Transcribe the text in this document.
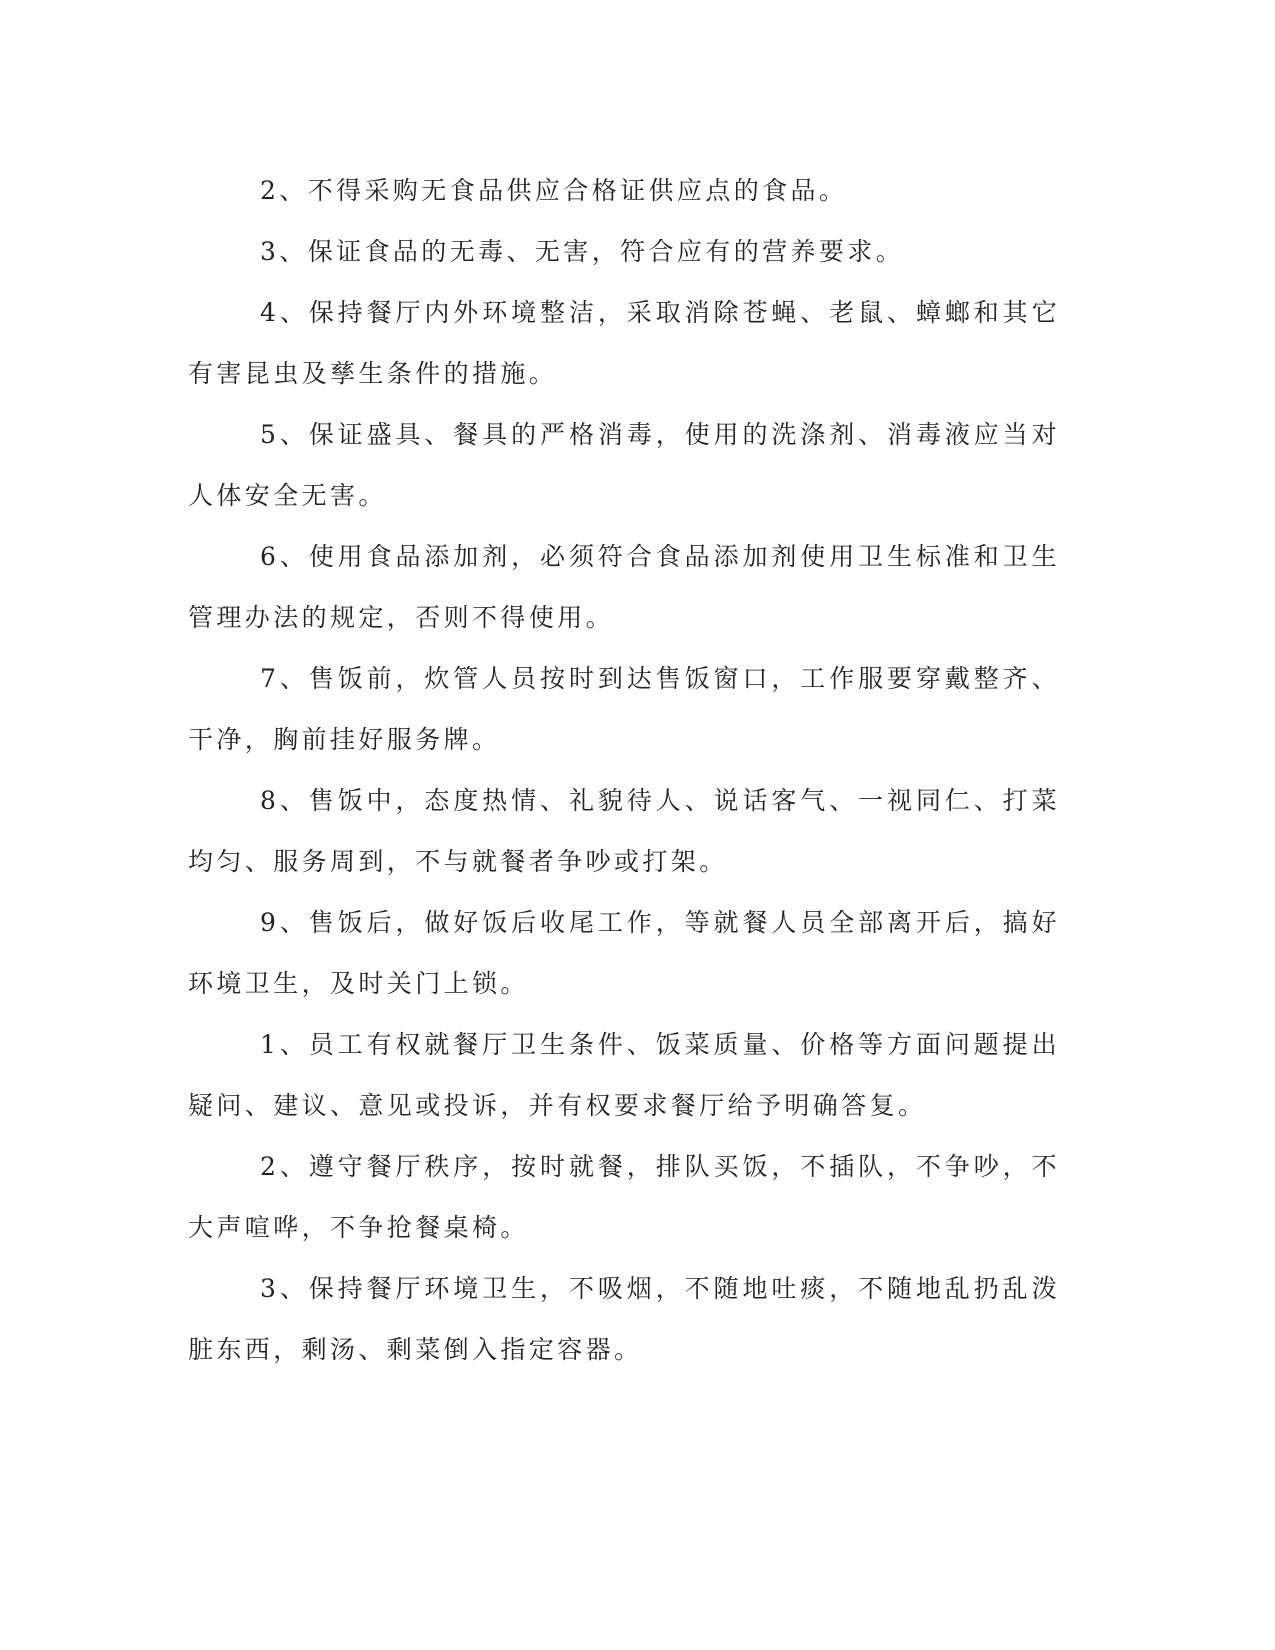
2、不得采购无食品供应合格证供应点的食品。

3、保证食品的无毒、无害，符合应有的营养要求。

4、保持餐厅内外环境整洁，采取消除苍蝇、老鼠、蟑螂和其它有害昆虫及孳生条件的措施。

5、保证盛具、餐具的严格消毒，使用的洗涤剂、消毒液应当对人体安全无害。

6、使用食品添加剂，必须符合食品添加剂使用卫生标准和卫生管理办法的规定，否则不得使用。

7、售饭前，炊管人员按时到达售饭窗口，工作服要穿戴整齐、干净，胸前挂好服务牌。

8、售饭中，态度热情、礼貌待人、说话客气、一视同仁、打菜均匀、服务周到，不与就餐者争吵或打架。

9、售饭后，做好饭后收尾工作，等就餐人员全部离开后，搞好环境卫生，及时关门上锁。

1、员工有权就餐厅卫生条件、饭菜质量、价格等方面问题提出疑问、建议、意见或投诉，并有权要求餐厅给予明确答复。

2、遵守餐厅秩序，按时就餐，排队买饭，不插队，不争吵，不大声喧哗，不争抢餐桌椅。

3、保持餐厅环境卫生，不吸烟，不随地吐痰，不随地乱扔乱泼脏东西，剩汤、剩菜倒入指定容器。
